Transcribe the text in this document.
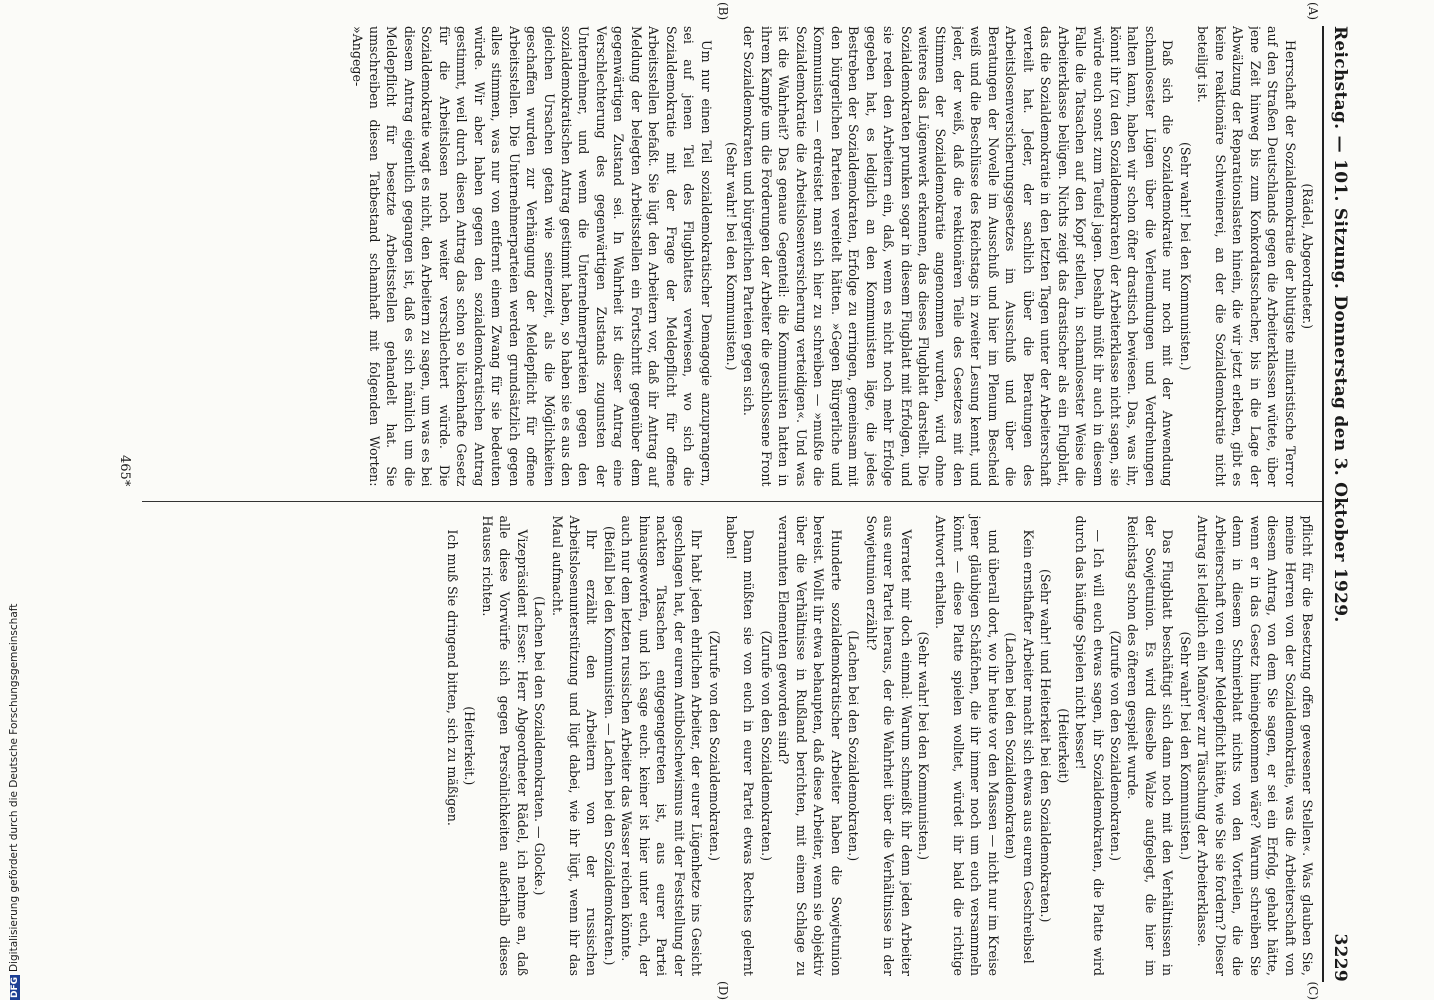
DFGDigitalisierung gefördert durch die Deutsche Forschungsgemeinschaft
Reichstag. — 101. Sitzung. Donnerstag den 3. Oktober 1929.
3229
(A)
(B)
(C)
(D)

(Rädel, Abgeordneter.)

Herrschaft der Sozialdemokratie der blutigste militaristische Terror auf den Straßen Deutschlands gegen die Arbeiterklassen wütete, über jene Zeit hinweg bis zum Konkordatsschacher, bis in die Lage der Abwälzung der Reparationslasten hinein, die wir jetzt erleben, gibt es keine reaktionäre Schweinerei, an der die Sozialdemokratie nicht beteiligt ist.

(Sehr wahr! bei den Kommunisten.)

Daß sich die Sozialdemokratie nur noch mit der Anwendung schamlosester Lügen über die Verleumdungen und Verdrehungen halten kann, haben wir schon öfter drastisch bewiesen. Das, was ihr, könnt ihr (zu den Sozialdemokraten) der Arbeiterklasse nicht sagen, sie würde euch sonst zum Teufel jagen. Deshalb müßt ihr auch in diesem Falle die Tatsachen auf den Kopf stellen, in schamlosester Weise die Arbeiterklasse belügen. Nichts zeigt das drastischer als ein Flugblatt, das die Sozialdemokratie in den letzten Tagen unter der Arbeiterschaft verteilt hat. Jeder, der sachlich über die Beratungen des Arbeitslosenversicherungsgesetzes im Ausschuß und über die Beratungen der Novelle im Ausschuß und hier im Plenum Bescheid weiß und die Beschlüsse des Reichstags in zweiter Lesung kennt, und jeder, der weiß, daß die reaktionären Teile des Gesetzes mit den Stimmen der Sozialdemokratie angenommen wurden, wird ohne weiteres das Lügenwerk erkennen, das dieses Flugblatt darstellt. Die Sozialdemokraten prunken sogar in diesem Flugblatt mit Erfolgen, und sie reden den Arbeitern ein, daß, wenn es nicht noch mehr Erfolge gegeben hat, es lediglich an den Kommunisten läge, die jedes Bestreben der Sozialdemokraten, Erfolge zu erringen, gemeinsam mit den bürgerlichen Parteien vereitelt hätten. »Gegen Bürgerliche und Kommunisten — erdreistet man sich hier zu schreiben — »mußte die Sozialdemokratie die Arbeitslosenversicherung verteidigen«. Und was ist die Wahrheit? Das genaue Gegenteil: die Kommunisten hatten in ihrem Kampfe um die Forderungen der Arbeiter die geschlossene Front der Sozialdemokraten und bürgerlichen Parteien gegen sich.

(Sehr wahr! bei den Kommunisten.)

Um nur einen Teil sozialdemokratischer Demagogie anzuprangern, sei auf jenen Teil des Flugblattes verwiesen, wo sich die Sozialdemokratie mit der Frage der Meldepflicht für offene Arbeitsstellen befaßt. Sie lügt den Arbeitern vor, daß ihr Antrag auf Meldung der belegten Arbeitsstellen ein Fortschritt gegenüber dem gegenwärtigen Zustand sei. In Wahrheit ist dieser Antrag eine Verschlechterung des gegenwärtigen Zustands zugunsten der Unternehmer, und wenn die Unternehmerparteien gegen den sozialdemokratischen Antrag gestimmt haben, so haben sie es aus den gleichen Ursachen getan wie seinerzeit, als die Möglichkeiten geschaffen wurden zur Verhängung der Meldepflicht für offene Arbeitsstellen. Die Unternehmerparteien werden grundsätzlich gegen alles stimmen, was nur von entfernt einem Zwang für sie bedeuten würde. Wir aber haben gegen den sozialdemokratischen Antrag gestimmt, weil durch diesen Antrag das schon so lückenhafte Gesetz für die Arbeitslosen noch weiter verschlechtert würde. Die Sozialdemokratie wagt es nicht, den Arbeitern zu sagen, um was es bei diesem Antrag eigentlich gegangen ist, daß es sich nämlich um die Meldepflicht für besetzte Arbeitsstellen gehandelt hat. Sie umschreiben diesen Tatbestand schamhaft mit folgenden Worten: »Angege-

pflicht für die Besetzung offen gewesener Stellen«. Was glauben Sie, meine Herren von der Sozialdemokratie, was die Arbeiterschaft von diesem Antrag, von dem Sie sagen, er sei ein Erfolg, gehabt hätte, wenn er in das Gesetz hineingekommen wäre? Warum schreiben Sie denn in diesem Schmierblatt nichts von den Vorteilen, die die Arbeiterschaft von einer Meldepflicht hätte, wie Sie sie fordern? Dieser Antrag ist lediglich ein Manöver zur Täuschung der Arbeiterklasse.

(Sehr wahr! bei den Kommunisten.)

Das Flugblatt beschäftigt sich dann noch mit den Verhältnissen in der Sowjetunion. Es wird dieselbe Walze aufgelegt, die hier im Reichstag schon des öfteren gespielt wurde.

(Zurufe von den Sozialdemokraten.)

— Ich will euch etwas sagen, ihr Sozialdemokraten, die Platte wird durch das häufige Spielen nicht besser!

(Heiterkeit)

(Sehr wahr! und Heiterkeit bei den Sozialdemokraten.)

Kein ernsthafter Arbeiter macht sich etwas aus eurem Geschreibsel

(Lachen bei den Sozialdemokraten)

und überall dort, wo ihr heute vor den Massen — nicht nur im Kreise jener gläubigen Schäfchen, die ihr immer noch um euch versammeln könnt — diese Platte spielen wolltet, würdet ihr bald die richtige Antwort erhalten.

(Sehr wahr! bei den Kommunisten.)

Verratet mir doch einmal: Warum schmeißt ihr denn jeden Arbeiter aus eurer Partei heraus, der die Wahrheit über die Verhältnisse in der Sowjetunion erzählt?

(Lachen bei den Sozialdemokraten.)

Hunderte sozialdemokratischer Arbeiter haben die Sowjetunion bereist. Wollt ihr etwa behaupten, daß diese Arbeiter, wenn sie objektiv über die Verhältnisse in Rußland berichten, mit einem Schlage zu verrannten Elementen geworden sind?

(Zurufe von den Sozialdemokraten.)

Dann müßten sie von euch in eurer Partei etwas Rechtes gelernt haben!

(Zurufe von den Sozialdemokraten.)

Ihr habt jeden ehrlichen Arbeiter, der eurer Lügenhetze ins Gesicht geschlagen hat, der eurem Antibolschewismus mit der Feststellung der nackten Tatsachen entgegengetreten ist, aus eurer Partei hinausgeworfen, und ich sage euch: keiner ist hier unter euch, der auch nur dem letzten russischen Arbeiter das Wasser reichen könnte.

(Beifall bei den Kommunisten. — Lachen bei den Sozialdemokraten.)

Ihr erzählt den Arbeitern von der russischen Arbeitslosenunterstützung und lügt dabei, wie ihr lügt, wenn ihr das Maul aufmacht.

(Lachen bei den Sozialdemokraten. — Glocke.)

Vizepräsident Esser: Herr Abgeordneter Rädel, ich nehme an, daß alle diese Vorwürfe sich gegen Persönlichkeiten außerhalb dieses Hauses richten.

(Heiterkeit.)

Ich muß Sie dringend bitten, sich zu mäßigen.

465*
